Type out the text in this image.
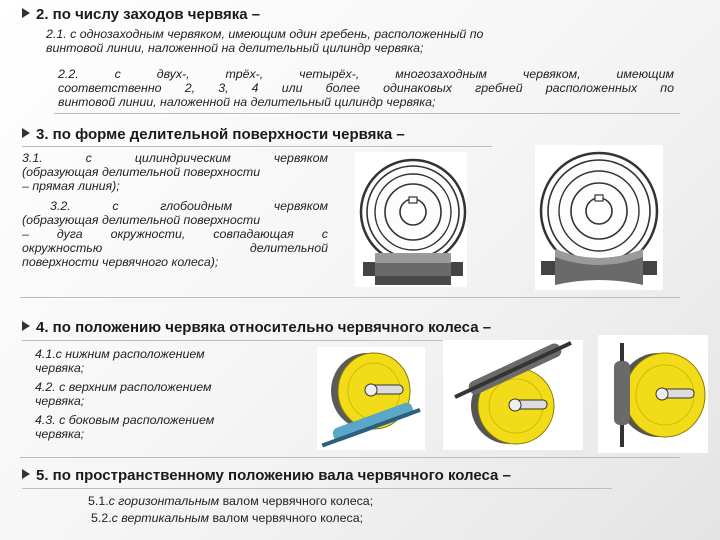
2. по числу заходов червяка –
2.1. с однозаходным червяком, имеющим один гребень, расположенный по
винтовой линии, наложенной на делительный цилиндр червяка;
2.2. с двух-, трёх-, четырёх-, многозаходным червяком, имеющим
соответственно 2, 3, 4 или более одинаковых гребней расположенных по
винтовой линии, наложенной на делительный цилиндр червяка;
3. по форме делительной поверхности червяка –
3.1. с цилиндрическим червяком
(образующая делительной поверхности
– прямая линия);
3.2. с глобоидным червяком
(образующая делительной поверхности
– дуга окружности, совпадающая с
окружностью делительной
поверхности червячного колеса);
4. по положению червяка относительно червячного колеса –
4.1.с нижним расположением
червяка;
4.2. с верхним расположением
червяка;
4.3. с боковым расположением
червяка;
5. по пространственному положению вала червячного колеса –
5.1.с горизонтальным валом червячного колеса;
5.2.с вертикальным валом червячного колеса;
